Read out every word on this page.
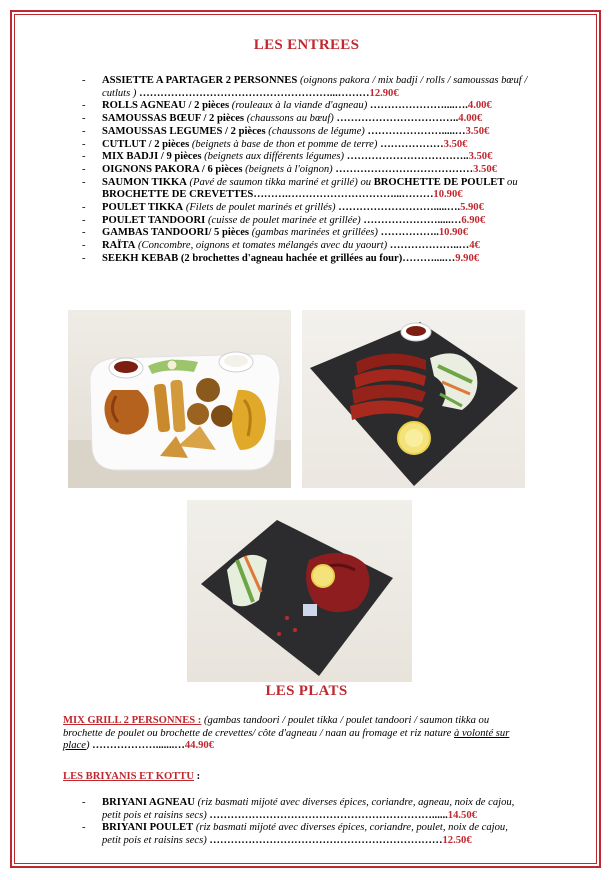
LES ENTREES
- ASSIETTE A PARTAGER 2 PERSONNES (oignons pakora / mix badji / rolls / samoussas bœuf / cutluts ) ………………………………………………...………12.90€
- ROLLS AGNEAU / 2 pièces (rouleaux à la viande d'agneau) …………………....….4.00€
- SAMOUSSAS BŒUF / 2 pièces (chaussons au bœuf) ……………………………..4.00€
- SAMOUSSAS LEGUMES / 2 pièces (chaussons de légume) ………………….....…3.50€
- CUTLUT / 2 pièces (beignets à base de thon et pomme de terre) ………………3.50€
- MIX BADJI / 9 pièces (beignets aux différents légumes) ……………………………..3.50€
- OIGNONS PAKORA / 6 pièces (beignets à l'oignon) …………………………………3.50€
- SAUMON TIKKA (Pavé de saumon tikka mariné et grillé) ou BROCHETTE DE POULET ou BROCHETTE DE CREVETTES……….…………………………...………10.90€
- POULET TIKKA (Filets de poulet marinés et grillés) ……………………….....….5.90€
- POULET TANDOORI (cuisse de poulet marinée et grillée) ………………….....…6.90€
- GAMBAS TANDOORI/ 5 pièces (gambas marinées et grillées) ……………..10.90€
- RAÏTA (Concombre, oignons et tomates mélangés avec du yaourt) ………………..…4€
- SEEKH KEBAB (2 brochettes d'agneau hachée et grillées au four)………....…9.90€
LES PLATS
MIX GRILL 2 PERSONNES : (gambas tandoori / poulet tikka / poulet tandoori / saumon tikka ou brochette de poulet ou brochette de crevettes/ côte d'agneau / naan au fromage et riz nature à volonté sur place) ……………….......…44.90€
LES BRIYANIS ET KOTTU :
- BRIYANI AGNEAU (riz basmati mijoté avec diverses épices, coriandre, agneau, noix de cajou, petit pois et raisins secs) ………………………………………………………......14.50€
- BRIYANI POULET (riz basmati mijoté avec diverses épices, coriandre, poulet, noix de cajou, petit pois et raisins secs) …………………………………………………………12.50€
